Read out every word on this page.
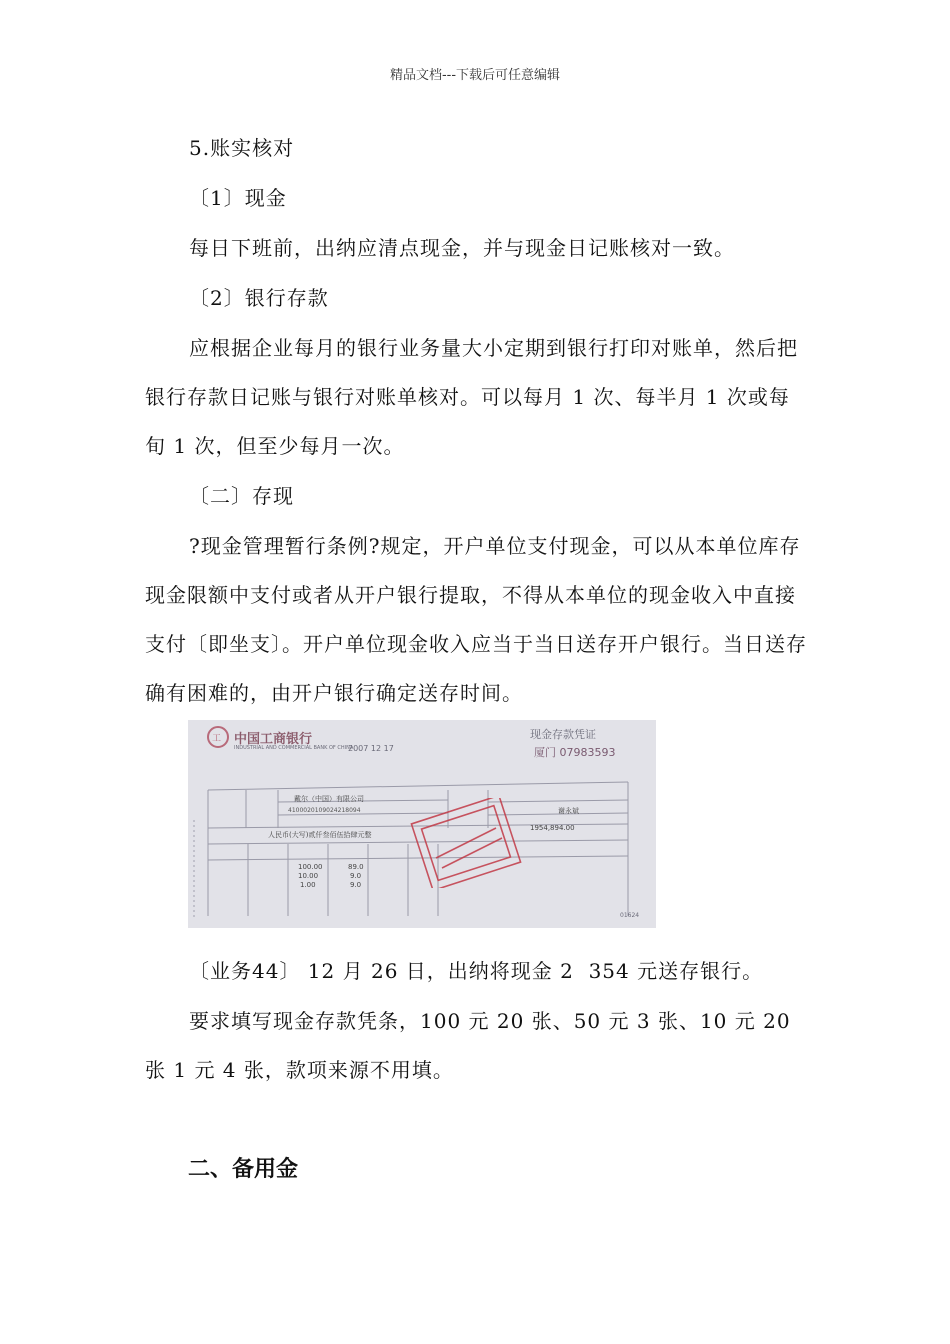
精品文档---下载后可任意编辑

5.账实核对

〔1〕现金

每日下班前，出纳应清点现金，并与现金日记账核对一致。

〔2〕银行存款

应根据企业每月的银行业务量大小定期到银行打印对账单，然后把银行存款日记账与银行对账单核对。可以每月 1 次、每半月 1 次或每旬 1 次，但至少每月一次。

〔二〕存现

?现金管理暂行条例?规定，开户单位支付现金，可以从本单位库存现金限额中支付或者从开户银行提取，不得从本单位的现金收入中直接支付〔即坐支〕。开户单位现金收入应当于当日送存开户银行。当日送存确有困难的，由开户银行确定送存时间。

工 中国工商银行
INDUSTRIAL AND COMMERCIAL BANK OF CHINA
现金存款凭证
2007 12 17	厦门 07983593
戴尔（中国）有限公司
4100020109024218094	谢永斌
人民币(大写)贰仟叁佰伍拾肆元整
1954,894.00
100.00
10.00
1.00
89.0
9.0
9.0
01624

〔业务44〕 12 月 26 日，出纳将现金 2  354 元送存银行。

要求填写现金存款凭条，100 元 20 张、50 元 3 张、10 元 20 张 1 元 4 张，款项来源不用填。

二、备用金
